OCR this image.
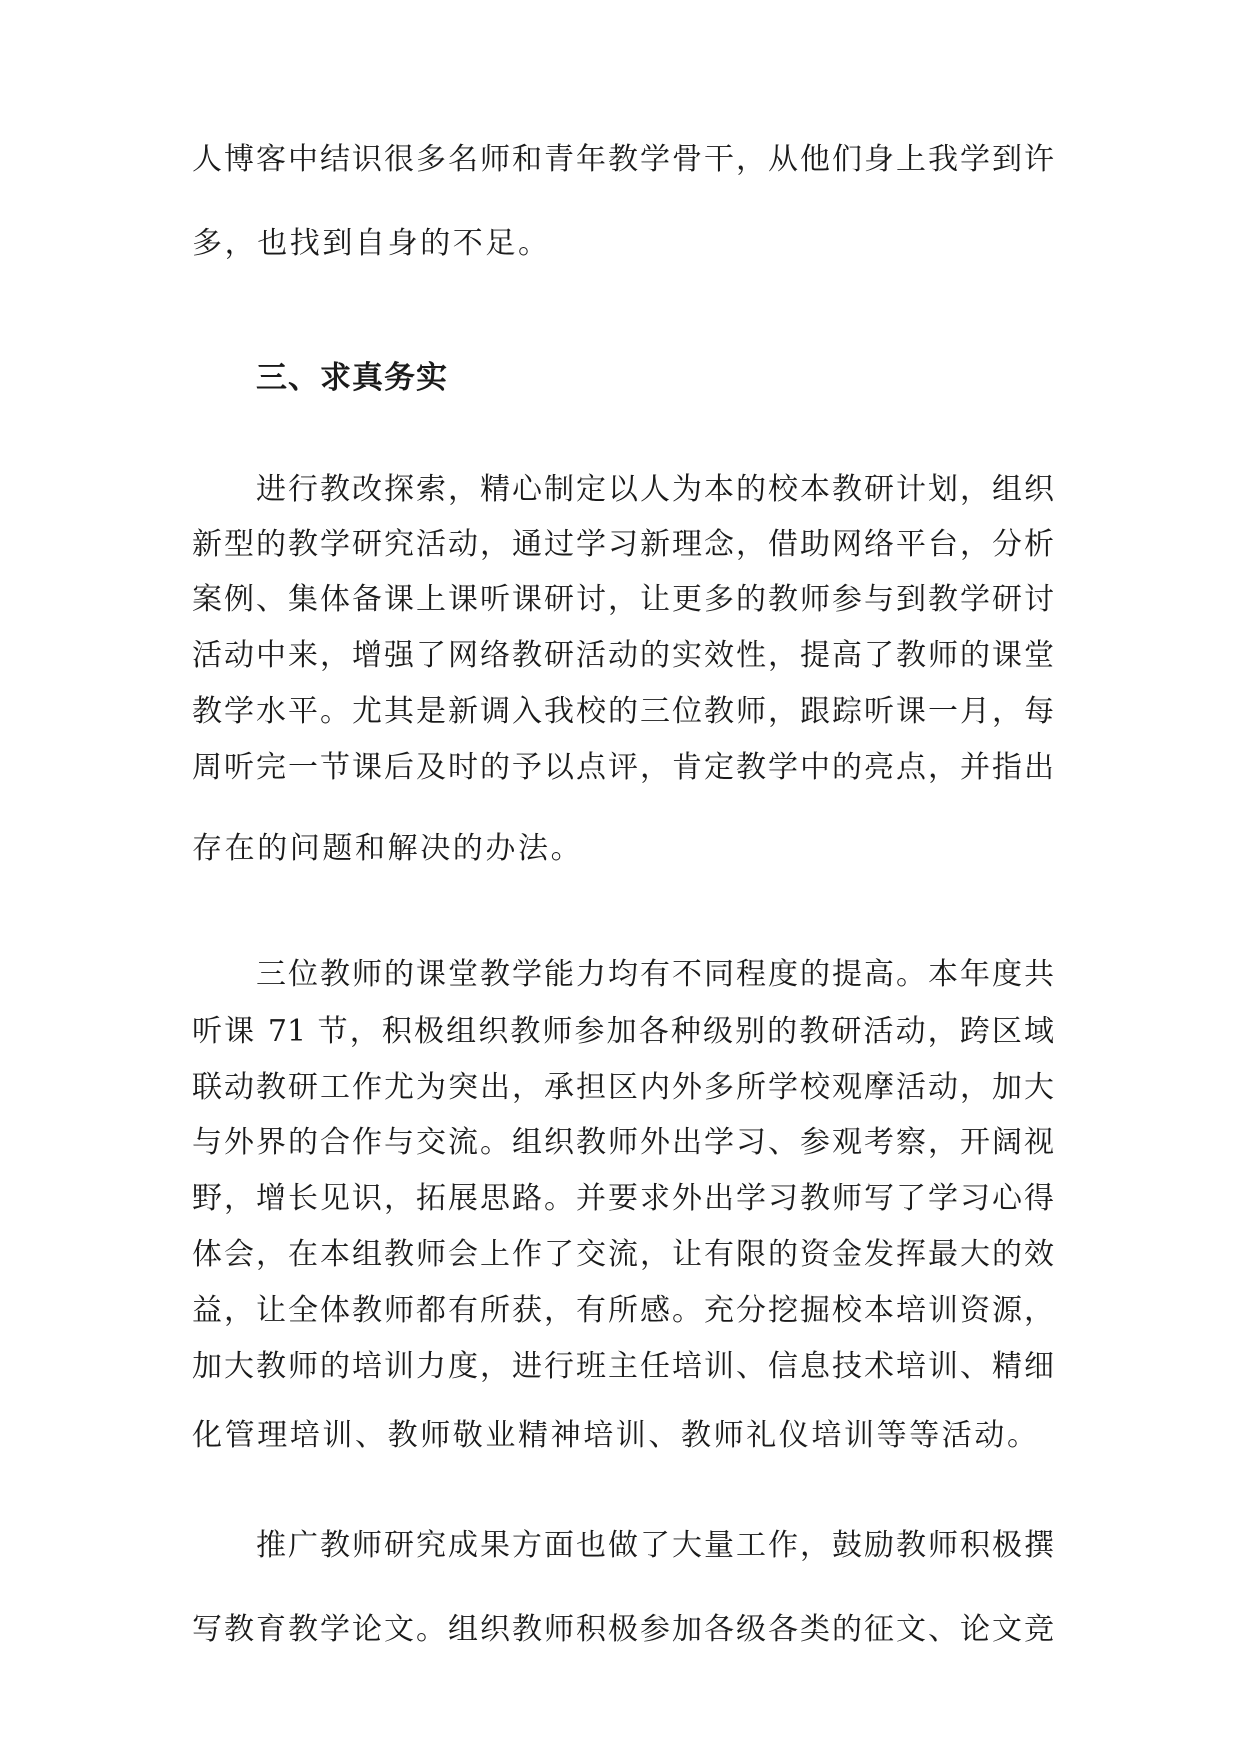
人博客中结识很多名师和青年教学骨干，从他们身上我学到许

多，也找到自身的不足。

三、求真务实

进行教改探索，精心制定以人为本的校本教研计划，组织

新型的教学研究活动，通过学习新理念，借助网络平台，分析

案例、集体备课上课听课研讨，让更多的教师参与到教学研讨

活动中来，增强了网络教研活动的实效性，提高了教师的课堂

教学水平。尤其是新调入我校的三位教师，跟踪听课一月，每

周听完一节课后及时的予以点评，肯定教学中的亮点，并指出

存在的问题和解决的办法。

三位教师的课堂教学能力均有不同程度的提高。本年度共

听课 71 节，积极组织教师参加各种级别的教研活动，跨区域

联动教研工作尤为突出，承担区内外多所学校观摩活动，加大

与外界的合作与交流。组织教师外出学习、参观考察，开阔视

野，增长见识，拓展思路。并要求外出学习教师写了学习心得

体会，在本组教师会上作了交流，让有限的资金发挥最大的效

益，让全体教师都有所获，有所感。充分挖掘校本培训资源，

加大教师的培训力度，进行班主任培训、信息技术培训、精细

化管理培训、教师敬业精神培训、教师礼仪培训等等活动。

推广教师研究成果方面也做了大量工作，鼓励教师积极撰

写教育教学论文。组织教师积极参加各级各类的征文、论文竞
